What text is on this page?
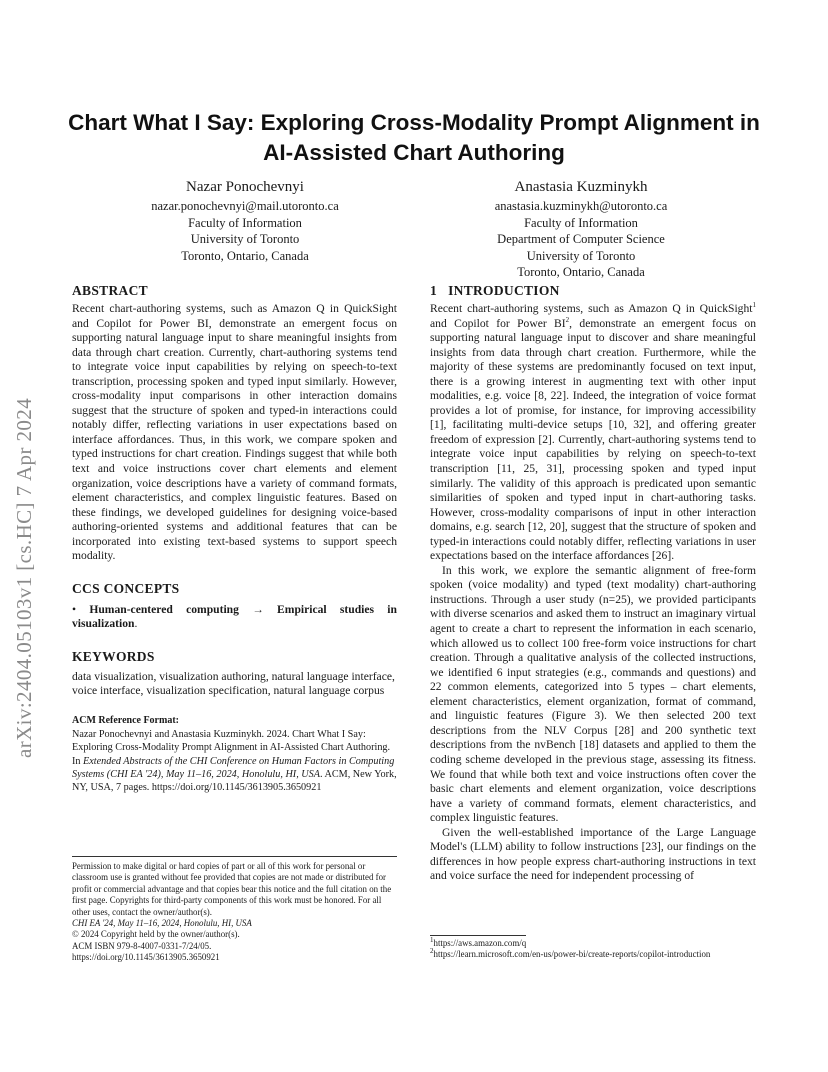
arXiv:2404.05103v1 [cs.HC] 7 Apr 2024
Chart What I Say: Exploring Cross-Modality Prompt Alignment in
AI-Assisted Chart Authoring
Nazar Ponochevnyi
nazar.ponochevnyi@mail.utoronto.ca
Faculty of Information
University of Toronto
Toronto, Ontario, Canada
Anastasia Kuzminykh
anastasia.kuzminykh@utoronto.ca
Faculty of Information
Department of Computer Science
University of Toronto
Toronto, Ontario, Canada
ABSTRACT

Recent chart-authoring systems, such as Amazon Q in QuickSight and Copilot for Power BI, demonstrate an emergent focus on supporting natural language input to share meaningful insights from data through chart creation. Currently, chart-authoring systems tend to integrate voice input capabilities by relying on speech-to-text transcription, processing spoken and typed input similarly. However, cross-modality input comparisons in other interaction domains suggest that the structure of spoken and typed-in interactions could notably differ, reflecting variations in user expectations based on interface affordances. Thus, in this work, we compare spoken and typed instructions for chart creation. Findings suggest that while both text and voice instructions cover chart elements and element organization, voice descriptions have a variety of command formats, element characteristics, and complex linguistic features. Based on these findings, we developed guidelines for designing voice-based authoring-oriented systems and additional features that can be incorporated into existing text-based systems to support speech modality.

CCS CONCEPTS

• Human-centered computing → Empirical studies in visualization.

KEYWORDS

data visualization, visualization authoring, natural language interface, voice interface, visualization specification, natural language corpus

ACM Reference Format:

Nazar Ponochevnyi and Anastasia Kuzminykh. 2024. Chart What I Say: Exploring Cross-Modality Prompt Alignment in AI-Assisted Chart Authoring. In Extended Abstracts of the CHI Conference on Human Factors in Computing Systems (CHI EA '24), May 11–16, 2024, Honolulu, HI, USA. ACM, New York, NY, USA, 7 pages. https://doi.org/10.1145/3613905.3650921

Permission to make digital or hard copies of part or all of this work for personal or classroom use is granted without fee provided that copies are not made or distributed for profit or commercial advantage and that copies bear this notice and the full citation on the first page. Copyrights for third-party components of this work must be honored. For all other uses, contact the owner/author(s).
CHI EA '24, May 11–16, 2024, Honolulu, HI, USA
© 2024 Copyright held by the owner/author(s).
ACM ISBN 979-8-4007-0331-7/24/05.
https://doi.org/10.1145/3613905.3650921
1 INTRODUCTION

Recent chart-authoring systems, such as Amazon Q in QuickSight$^1$ and Copilot for Power $BI^2$, demonstrate an emergent focus on supporting natural language input to discover and share meaningful insights from data through chart creation. Furthermore, while the majority of these systems are predominantly focused on text input, there is a growing interest in augmenting text with other input modalities, e.g. voice [8, 22]. Indeed, the integration of voice format provides a lot of promise, for instance, for improving accessibility [1], facilitating multi-device setups [10, 32], and offering greater freedom of expression [2]. Currently, chart-authoring systems tend to integrate voice input capabilities by relying on speech-to-text transcription [11, 25, 31], processing spoken and typed input similarly. The validity of this approach is predicated upon semantic similarities of spoken and typed input in chart-authoring tasks. However, cross-modality comparisons of input in other interaction domains, e.g. search [12, 20], suggest that the structure of spoken and typed-in interactions could notably differ, reflecting variations in user expectations based on the interface affordances [26].

In this work, we explore the semantic alignment of free-form spoken (voice modality) and typed (text modality) chart-authoring instructions. Through a user study (n=25), we provided participants with diverse scenarios and asked them to instruct an imaginary virtual agent to create a chart to represent the information in each scenario, which allowed us to collect 100 free-form voice instructions for chart creation. Through a qualitative analysis of the collected instructions, we identified 6 input strategies (e.g., commands and questions) and 22 common elements, categorized into 5 types – chart elements, element characteristics, element organization, format of command, and linguistic features (Figure 3). We then selected 200 text descriptions from the NLV Corpus [28] and 200 synthetic text descriptions from the nvBench [18] datasets and applied to them the coding scheme developed in the previous stage, assessing its fitness. We found that while both text and voice instructions often cover the basic chart elements and element organization, voice descriptions have a variety of command formats, element characteristics, and complex linguistic features.

Given the well-established importance of the Large Language Model's (LLM) ability to follow instructions [23], our findings on the differences in how people express chart-authoring instructions in text and voice surface the need for independent processing of

$^1$https://aws.amazon.com/q
$^2$https://learn.microsoft.com/en-us/power-bi/create-reports/copilot-introduction
